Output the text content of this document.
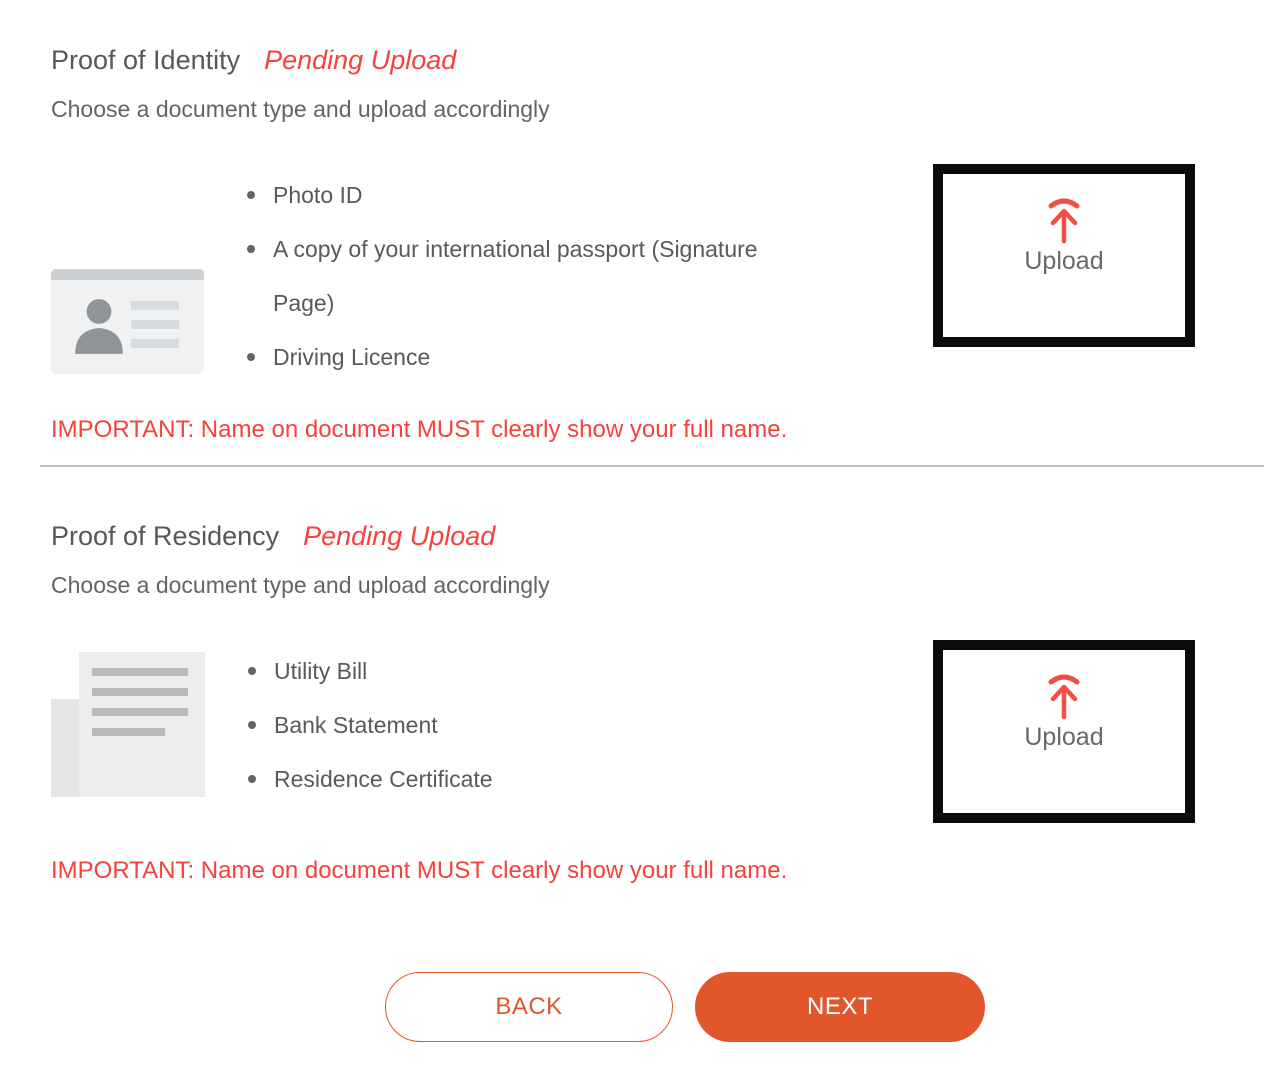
Proof of Identity Pending Upload
Choose a document type and upload accordingly
Photo ID
A copy of your international passport (Signature Page)
Driving Licence
Upload
IMPORTANT: Name on document MUST clearly show your full name.
Proof of Residency Pending Upload
Choose a document type and upload accordingly
Utility Bill
Bank Statement
Residence Certificate
Upload
IMPORTANT: Name on document MUST clearly show your full name.
BACK	NEXT
